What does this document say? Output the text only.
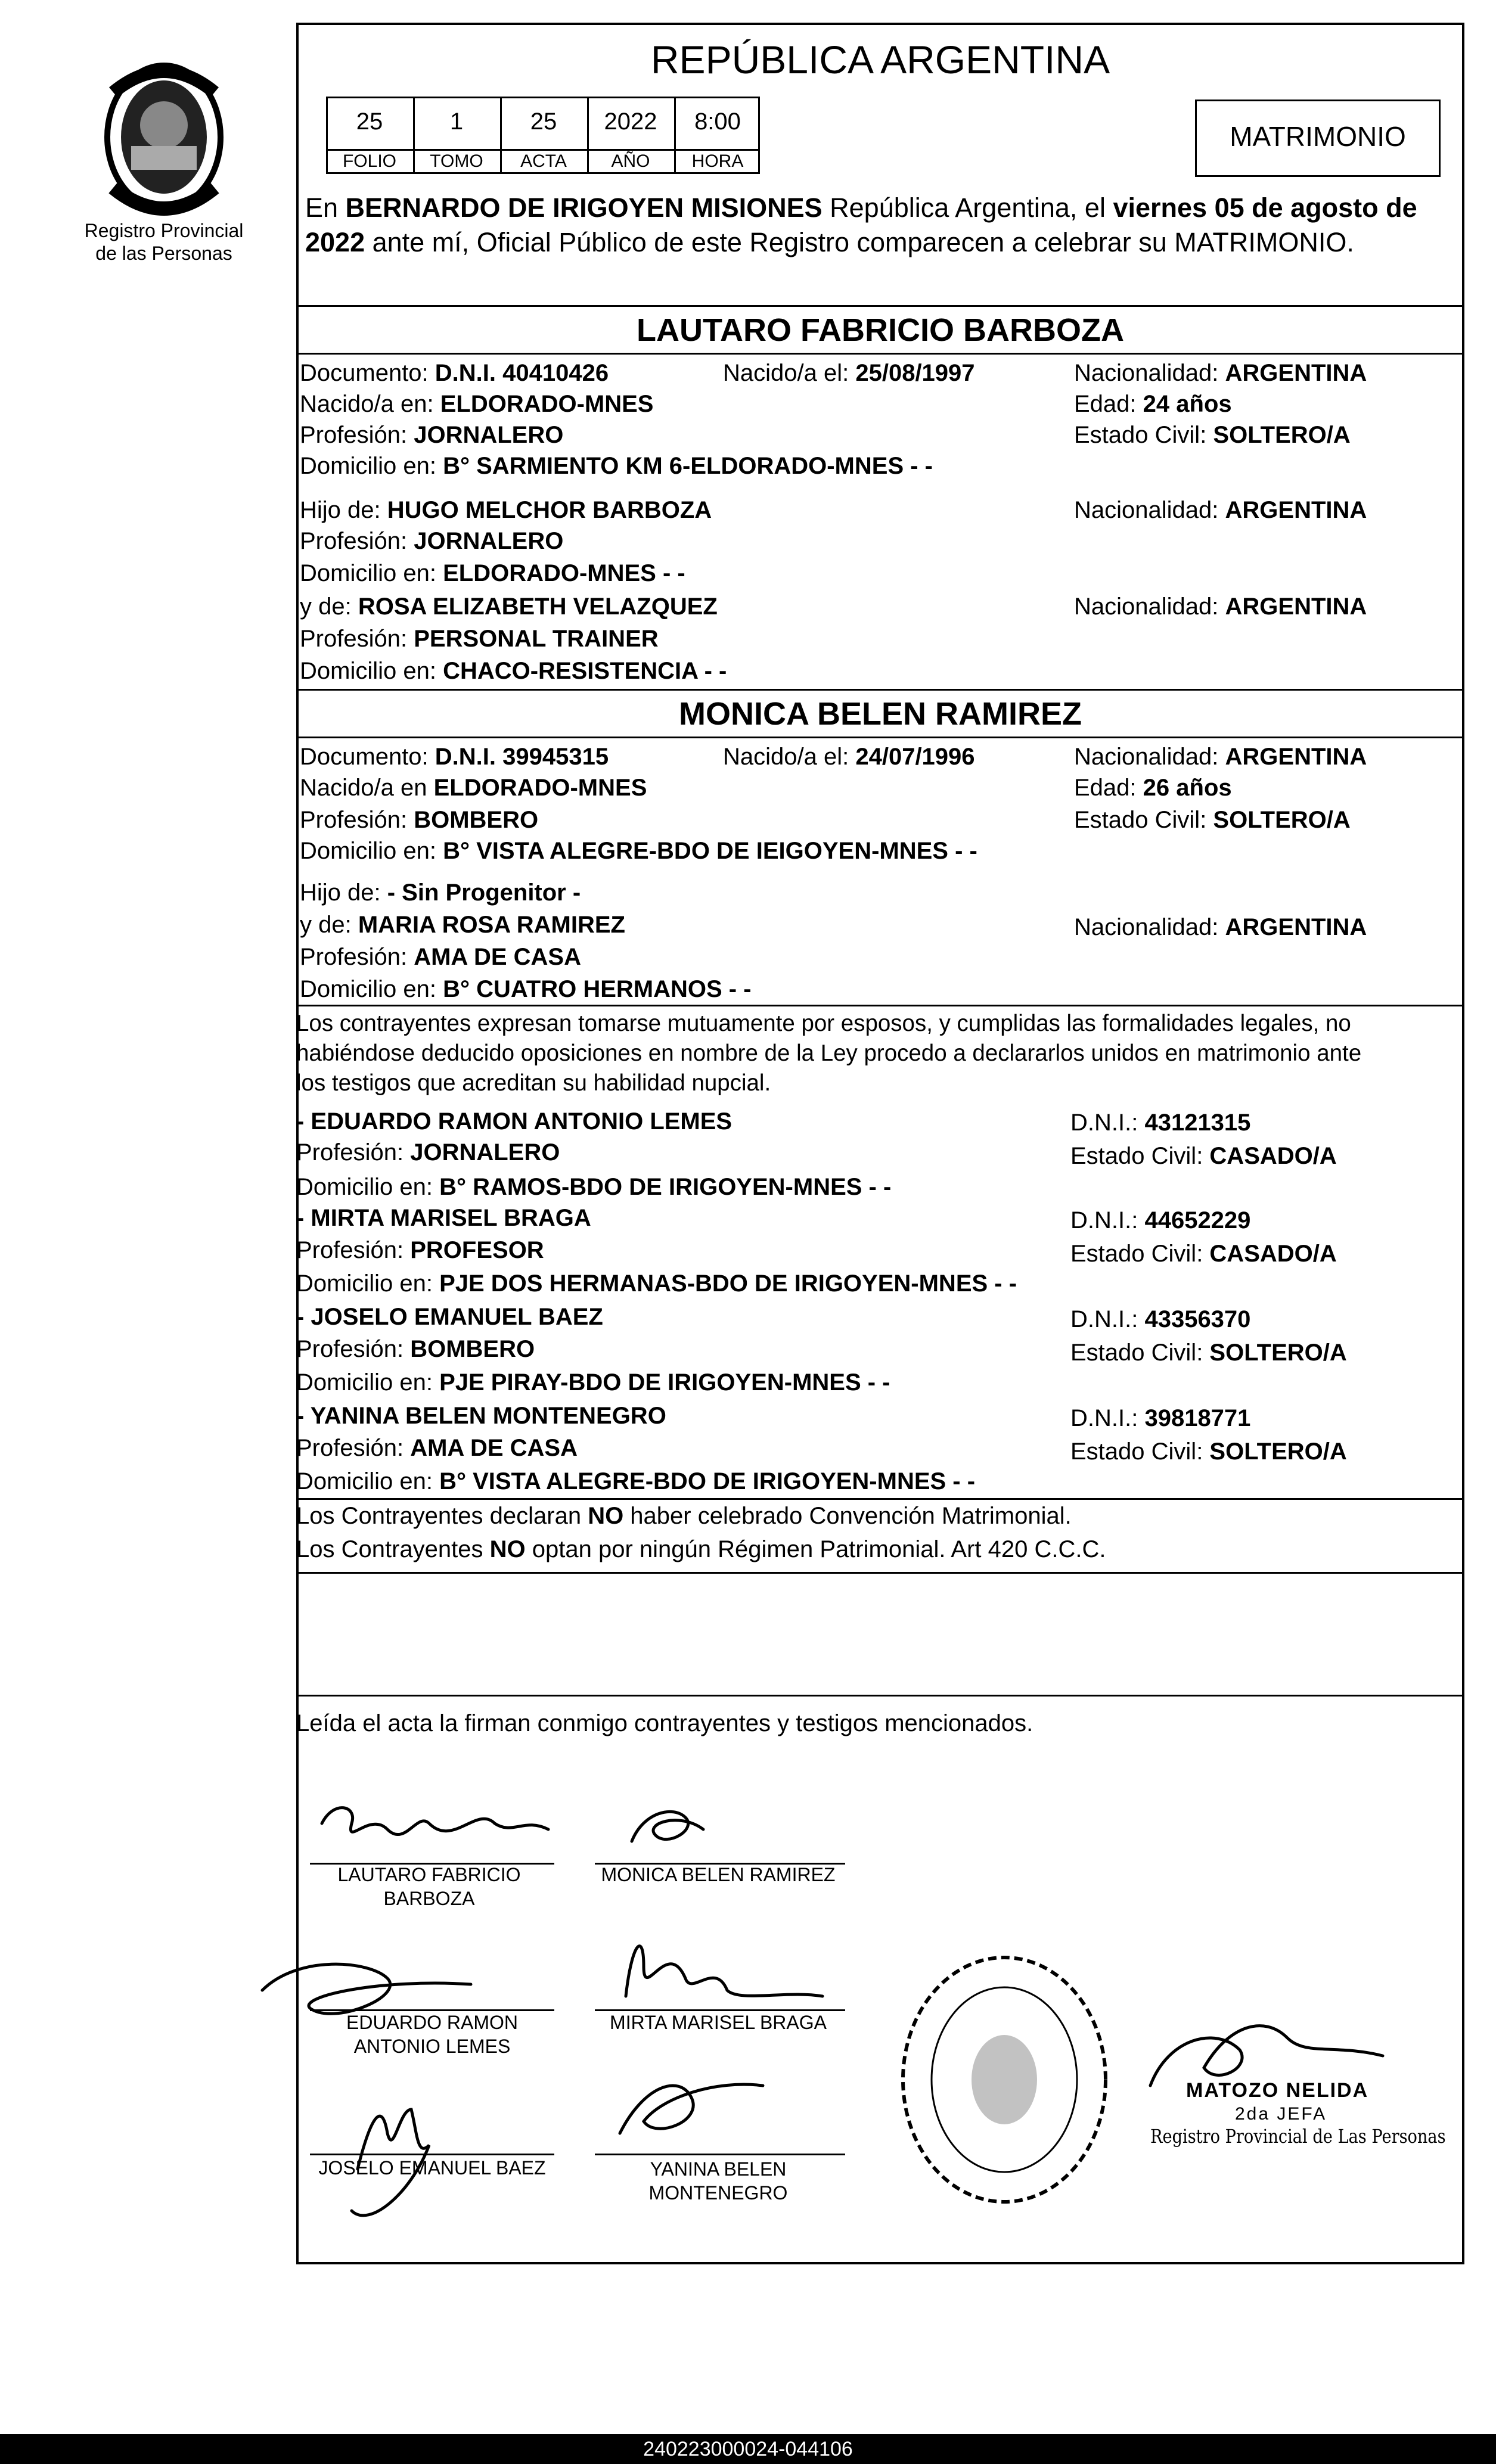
Registro Provincial
de las Personas
REPÚBLICA ARGENTINA
25	1	25	2022	8:00
FOLIO	TOMO	ACTA	AÑO	HORA
MATRIMONIO
En BERNARDO DE IRIGOYEN MISIONES República Argentina, el viernes 05 de agosto de
2022 ante mí, Oficial Público de este Registro comparecen a celebrar su MATRIMONIO.
LAUTARO FABRICIO BARBOZA
Documento: D.N.I. 40410426	Nacido/a el: 25/08/1997	Nacionalidad: ARGENTINA
Nacido/a en: ELDORADO-MNES	Edad: 24 años
Profesión: JORNALERO	Estado Civil: SOLTERO/A
Domicilio en: B° SARMIENTO KM 6-ELDORADO-MNES - -
Hijo de: HUGO MELCHOR BARBOZA	Nacionalidad: ARGENTINA
Profesión: JORNALERO
Domicilio en: ELDORADO-MNES - -
y de: ROSA ELIZABETH VELAZQUEZ	Nacionalidad: ARGENTINA
Profesión: PERSONAL TRAINER
Domicilio en: CHACO-RESISTENCIA - -
MONICA BELEN RAMIREZ
Documento: D.N.I. 39945315	Nacido/a el: 24/07/1996	Nacionalidad: ARGENTINA
Nacido/a en ELDORADO-MNES	Edad: 26 años
Profesión: BOMBERO	Estado Civil: SOLTERO/A
Domicilio en: B° VISTA ALEGRE-BDO DE IEIGOYEN-MNES - -
Hijo de: - Sin Progenitor -
y de: MARIA ROSA RAMIREZ	Nacionalidad: ARGENTINA
Profesión: AMA DE CASA
Domicilio en: B° CUATRO HERMANOS - -
Los contrayentes expresan tomarse mutuamente por esposos, y cumplidas las formalidades legales, no
habiéndose deducido oposiciones en nombre de la Ley procedo a declararlos unidos en matrimonio ante
los testigos que acreditan su habilidad nupcial.
- EDUARDO RAMON ANTONIO LEMES	D.N.I.: 43121315
Profesión: JORNALERO	Estado Civil: CASADO/A
Domicilio en: B° RAMOS-BDO DE IRIGOYEN-MNES - -
- MIRTA MARISEL BRAGA	D.N.I.: 44652229
Profesión: PROFESOR	Estado Civil: CASADO/A
Domicilio en: PJE DOS HERMANAS-BDO DE IRIGOYEN-MNES - -
- JOSELO EMANUEL BAEZ	D.N.I.: 43356370
Profesión: BOMBERO	Estado Civil: SOLTERO/A
Domicilio en: PJE PIRAY-BDO DE IRIGOYEN-MNES - -
- YANINA BELEN MONTENEGRO	D.N.I.: 39818771
Profesión: AMA DE CASA	Estado Civil: SOLTERO/A
Domicilio en: B° VISTA ALEGRE-BDO DE IRIGOYEN-MNES - -
Los Contrayentes declaran NO haber celebrado Convención Matrimonial.
Los Contrayentes NO optan por ningún Régimen Patrimonial. Art 420 C.C.C.
Leída el acta la firman conmigo contrayentes y testigos mencionados.
LAUTARO FABRICIO
BARBOZA
MONICA BELEN RAMIREZ
EDUARDO RAMON
ANTONIO LEMES
MIRTA MARISEL BRAGA
JOSELO EMANUEL BAEZ	YANINA BELEN
MONTENEGRO
MATOZO NELIDA
2da JEFA
Registro Provincial de Las Personas
240223000024-044106
